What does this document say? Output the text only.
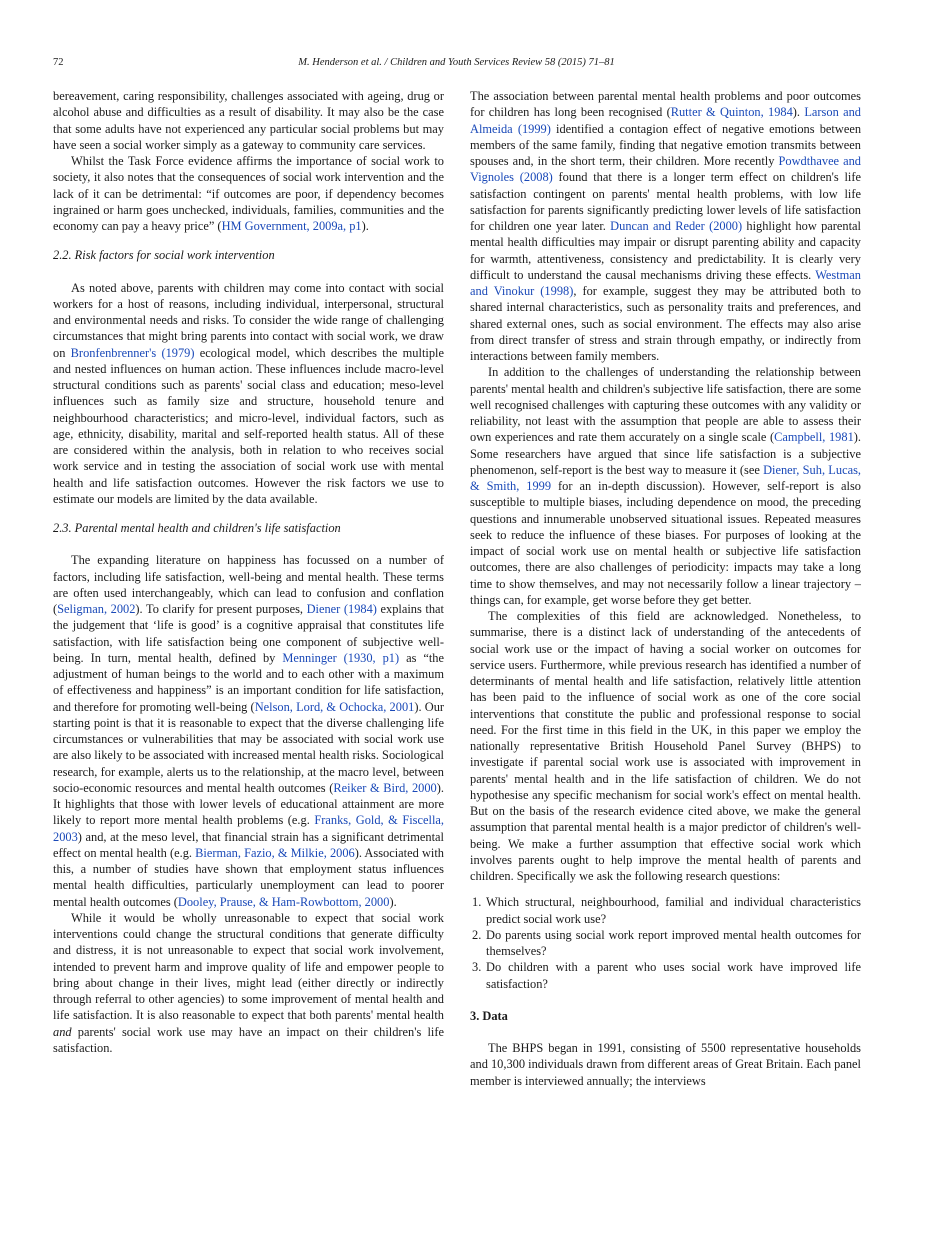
72	M. Henderson et al. / Children and Youth Services Review 58 (2015) 71–81

bereavement, caring responsibility, challenges associated with ageing, drug or alcohol abuse and difficulties as a result of disability. It may also be the case that some adults have not experienced any particular social problems but may have seen a social worker simply as a gateway to community care services.

Whilst the Task Force evidence affirms the importance of social work to society, it also notes that the consequences of social work intervention and the lack of it can be detrimental: “if outcomes are poor, if dependency becomes ingrained or harm goes unchecked, individuals, families, communities and the economy can pay a heavy price” (HM Government, 2009a, p1).

2.2. Risk factors for social work intervention

As noted above, parents with children may come into contact with social workers for a host of reasons, including individual, interpersonal, structural and environmental needs and risks. To consider the wide range of challenging circumstances that might bring parents into contact with social work, we draw on Bronfenbrenner's (1979) ecological model, which describes the multiple and nested influences on human action. These influences include macro-level structural conditions such as parents' social class and education; meso-level influences such as family size and structure, household tenure and neighbourhood characteristics; and micro-level, individual factors, such as age, ethnicity, disability, marital and self-reported health status. All of these are considered within the analysis, both in relation to who receives social work service and in testing the association of social work use with mental health and life satisfaction outcomes. However the risk factors we use to estimate our models are limited by the data available.

2.3. Parental mental health and children's life satisfaction

The expanding literature on happiness has focussed on a number of factors, including life satisfaction, well-being and mental health. These terms are often used interchangeably, which can lead to confusion and conflation (Seligman, 2002). To clarify for present purposes, Diener (1984) explains that the judgement that ‘life is good’ is a cognitive appraisal that constitutes life satisfaction, with life satisfaction being one component of subjective well-being. In turn, mental health, defined by Menninger (1930, p1) as “the adjustment of human beings to the world and to each other with a maximum of effectiveness and happiness” is an important condition for life satisfaction, and therefore for promoting well-being (Nelson, Lord, & Ochocka, 2001). Our starting point is that it is reasonable to expect that the diverse challenging life circumstances or vulnerabilities that may be associated with social work use are also likely to be associated with increased mental health risks. Sociological research, for example, alerts us to the relationship, at the macro level, between socio-economic resources and mental health outcomes (Reiker & Bird, 2000). It highlights that those with lower levels of educational attainment are more likely to report more mental health problems (e.g. Franks, Gold, & Fiscella, 2003) and, at the meso level, that financial strain has a significant detrimental effect on mental health (e.g. Bierman, Fazio, & Milkie, 2006). Associated with this, a number of studies have shown that employment status influences mental health difficulties, particularly unemployment can lead to poorer mental health outcomes (Dooley, Prause, & Ham-Rowbottom, 2000).

While it would be wholly unreasonable to expect that social work interventions could change the structural conditions that generate difficulty and distress, it is not unreasonable to expect that social work involvement, intended to prevent harm and improve quality of life and empower people to bring about change in their lives, might lead (either directly or indirectly through referral to other agencies) to some improvement of mental health and life satisfaction. It is also reasonable to expect that both parents' mental health and parents' social work use may have an impact on their children's life satisfaction.

The association between parental mental health problems and poor outcomes for children has long been recognised (Rutter & Quinton, 1984). Larson and Almeida (1999) identified a contagion effect of negative emotions between members of the same family, finding that negative emotion transmits between spouses and, in the short term, their children. More recently Powdthavee and Vignoles (2008) found that there is a longer term effect on children's life satisfaction contingent on parents' mental health problems, with low life satisfaction for parents significantly predicting lower levels of life satisfaction for children one year later. Duncan and Reder (2000) highlight how parental mental health difficulties may impair or disrupt parenting ability and capacity for warmth, attentiveness, consistency and predictability. It is clearly very difficult to understand the causal mechanisms driving these effects. Westman and Vinokur (1998), for example, suggest they may be attributed both to shared internal characteristics, such as personality traits and preferences, and shared external ones, such as social environment. The effects may also arise from direct transfer of stress and strain through empathy, or indirectly from interactions between family members.

In addition to the challenges of understanding the relationship between parents' mental health and children's subjective life satisfaction, there are some well recognised challenges with capturing these outcomes with any validity or reliability, not least with the assumption that people are able to assess their own experiences and rate them accurately on a single scale (Campbell, 1981). Some researchers have argued that since life satisfaction is a subjective phenomenon, self-report is the best way to measure it (see Diener, Suh, Lucas, & Smith, 1999 for an in-depth discussion). However, self-report is also susceptible to multiple biases, including dependence on mood, the preceding questions and innumerable unobserved situational issues. Repeated measures seek to reduce the influence of these biases. For purposes of looking at the impact of social work use on mental health or subjective life satisfaction outcomes, there are also challenges of periodicity: impacts may take a long time to show themselves, and may not necessarily follow a linear trajectory – things can, for example, get worse before they get better.

The complexities of this field are acknowledged. Nonetheless, to summarise, there is a distinct lack of understanding of the antecedents of social work use or the impact of having a social worker on outcomes for service users. Furthermore, while previous research has identified a number of determinants of mental health and life satisfaction, relatively little attention has been paid to the influence of social work as one of the core social interventions that constitute the public and professional response to social need. For the first time in this field in the UK, in this paper we employ the nationally representative British Household Panel Survey (BHPS) to investigate if parental social work use is associated with improvement in parents' mental health and in the life satisfaction of children. We do not hypothesise any specific mechanism for social work's effect on mental health. But on the basis of the research evidence cited above, we make the general assumption that parental mental health is a major predictor of children's well-being. We make a further assumption that effective social work which involves parents ought to help improve the mental health of parents and children. Specifically we ask the following research questions:

1. Which structural, neighbourhood, familial and individual characteristics predict social work use?
2. Do parents using social work report improved mental health outcomes for themselves?
3. Do children with a parent who uses social work have improved life satisfaction?
3. Data

The BHPS began in 1991, consisting of 5500 representative households and 10,300 individuals drawn from different areas of Great Britain. Each panel member is interviewed annually; the interviews
